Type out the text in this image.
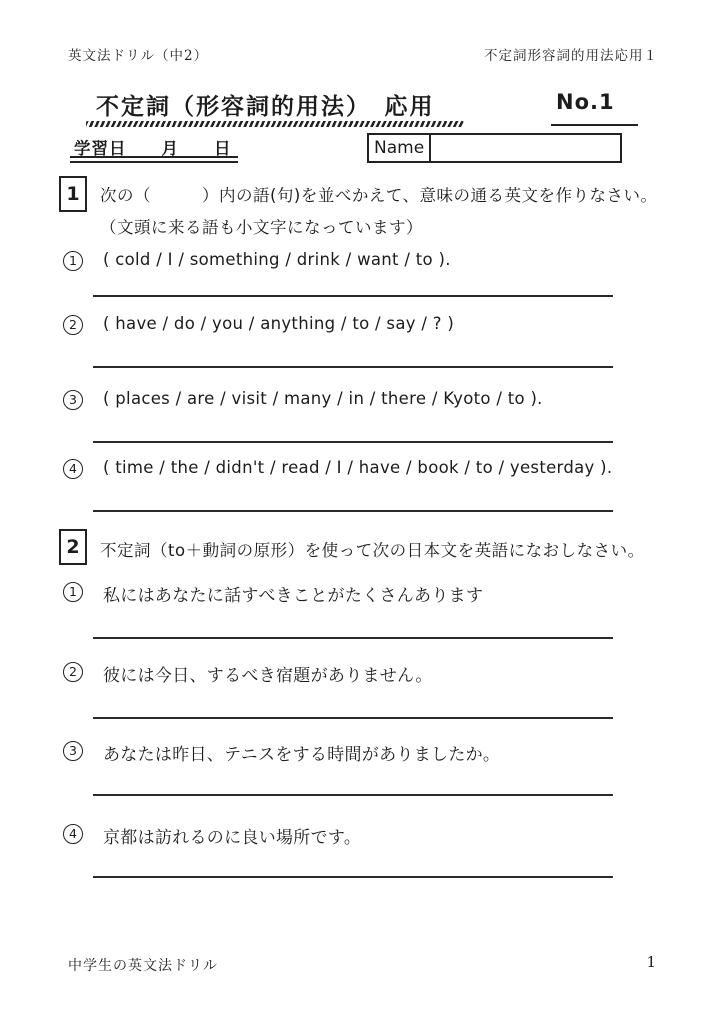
英文法ドリル（中2）	不定詞形容詞的用法応用１
不定詞（形容詞的用法）　応用	No.1
学習日　　月　　日	Name
1 次の（　　　）内の語(句)を並べかえて、意味の通る英文を作りなさい。
（文頭に来る語も小文字になっています）
1	( cold / I / something / drink / want / to ).
2	( have / do / you / anything / to / say / ? )
3	( places / are / visit / many / in / there / Kyoto / to ).
4	( time / the / didn't / read / I / have / book / to / yesterday ).
2 不定詞（to＋動詞の原形）を使って次の日本文を英語になおしなさい。
1	私にはあなたに話すべきことがたくさんあります
2	彼には今日、するべき宿題がありません。
3	あなたは昨日、テニスをする時間がありましたか。
4	京都は訪れるのに良い場所です。
中学生の英文法ドリル	1
